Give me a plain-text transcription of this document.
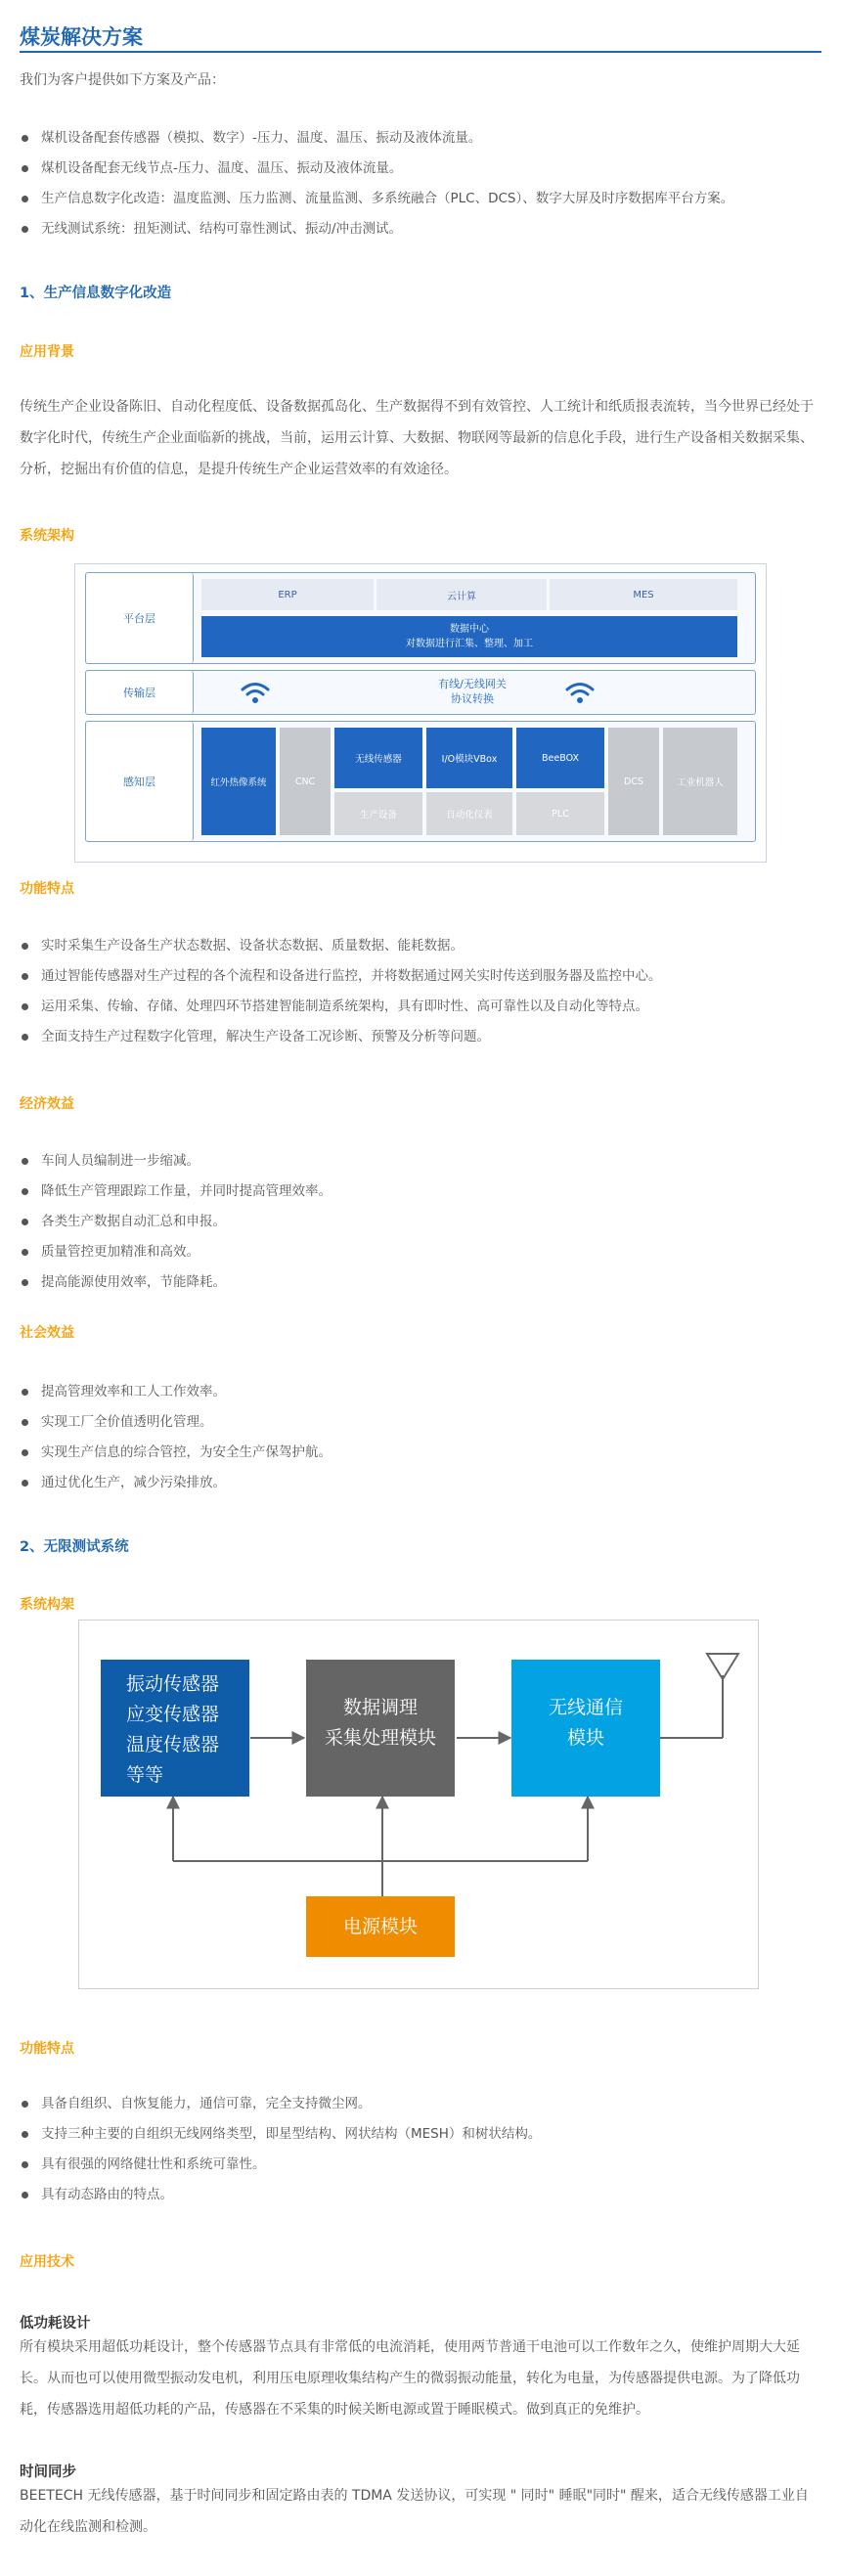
煤炭解决方案
我们为客户提供如下方案及产品：
煤机设备配套传感器（模拟、数字）-压力、温度、温压、振动及液体流量。
煤机设备配套无线节点-压力、温度、温压、振动及液体流量。
生产信息数字化改造：温度监测、压力监测、流量监测、多系统融合（PLC、DCS）、数字大屏及时序数据库平台方案。
无线测试系统：扭矩测试、结构可靠性测试、振动/冲击测试。
1、生产信息数字化改造
应用背景
传统生产企业设备陈旧、自动化程度低、设备数据孤岛化、生产数据得不到有效管控、人工统计和纸质报表流转，当今世界已经处于数字化时代，传统生产企业面临新的挑战，当前，运用云计算、大数据、物联网等最新的信息化手段，进行生产设备相关数据采集、分析，挖掘出有价值的信息，是提升传统生产企业运营效率的有效途径。
系统架构
平台层
ERP	云计算	MES
数据中心
对数据进行汇集、整理、加工
传输层
有线/无线网关
协议转换
感知层	红外热像系统	CNC
无线传感器	I/O模块VBox	BeeBOX
生产设备	自动化仪表	PLC
DCS	工业机器人
功能特点
实时采集生产设备生产状态数据、设备状态数据、质量数据、能耗数据。
通过智能传感器对生产过程的各个流程和设备进行监控，并将数据通过网关实时传送到服务器及监控中心。
运用采集、传输、存储、处理四环节搭建智能制造系统架构，具有即时性、高可靠性以及自动化等特点。
全面支持生产过程数字化管理，解决生产设备工况诊断、预警及分析等问题。
经济效益
车间人员编制进一步缩减。
降低生产管理跟踪工作量，并同时提高管理效率。
各类生产数据自动汇总和申报。
质量管控更加精准和高效。
提高能源使用效率，节能降耗。
社会效益
提高管理效率和工人工作效率。
实现工厂全价值透明化管理。
实现生产信息的综合管控，为安全生产保驾护航。
通过优化生产，减少污染排放。
2、无限测试系统
系统构架
振动传感器
应变传感器
温度传感器
等等
数据调理
采集处理模块
无线通信
模块
电源模块
功能特点
具备自组织、自恢复能力，通信可靠，完全支持微尘网。
支持三种主要的自组织无线网络类型，即星型结构、网状结构（MESH）和树状结构。
具有很强的网络健壮性和系统可靠性。
具有动态路由的特点。
应用技术
低功耗设计
所有模块采用超低功耗设计，整个传感器节点具有非常低的电流消耗，使用两节普通干电池可以工作数年之久，使维护周期大大延长。从而也可以使用微型振动发电机，利用压电原理收集结构产生的微弱振动能量，转化为电量，为传感器提供电源。为了降低功耗，传感器选用超低功耗的产品，传感器在不采集的时候关断电源或置于睡眠模式。做到真正的免维护。
时间同步
BEETECH 无线传感器，基于时间同步和固定路由表的 TDMA 发送协议，可实现 " 同时" 睡眠"同时" 醒来，适合无线传感器工业自动化在线监测和检测。
